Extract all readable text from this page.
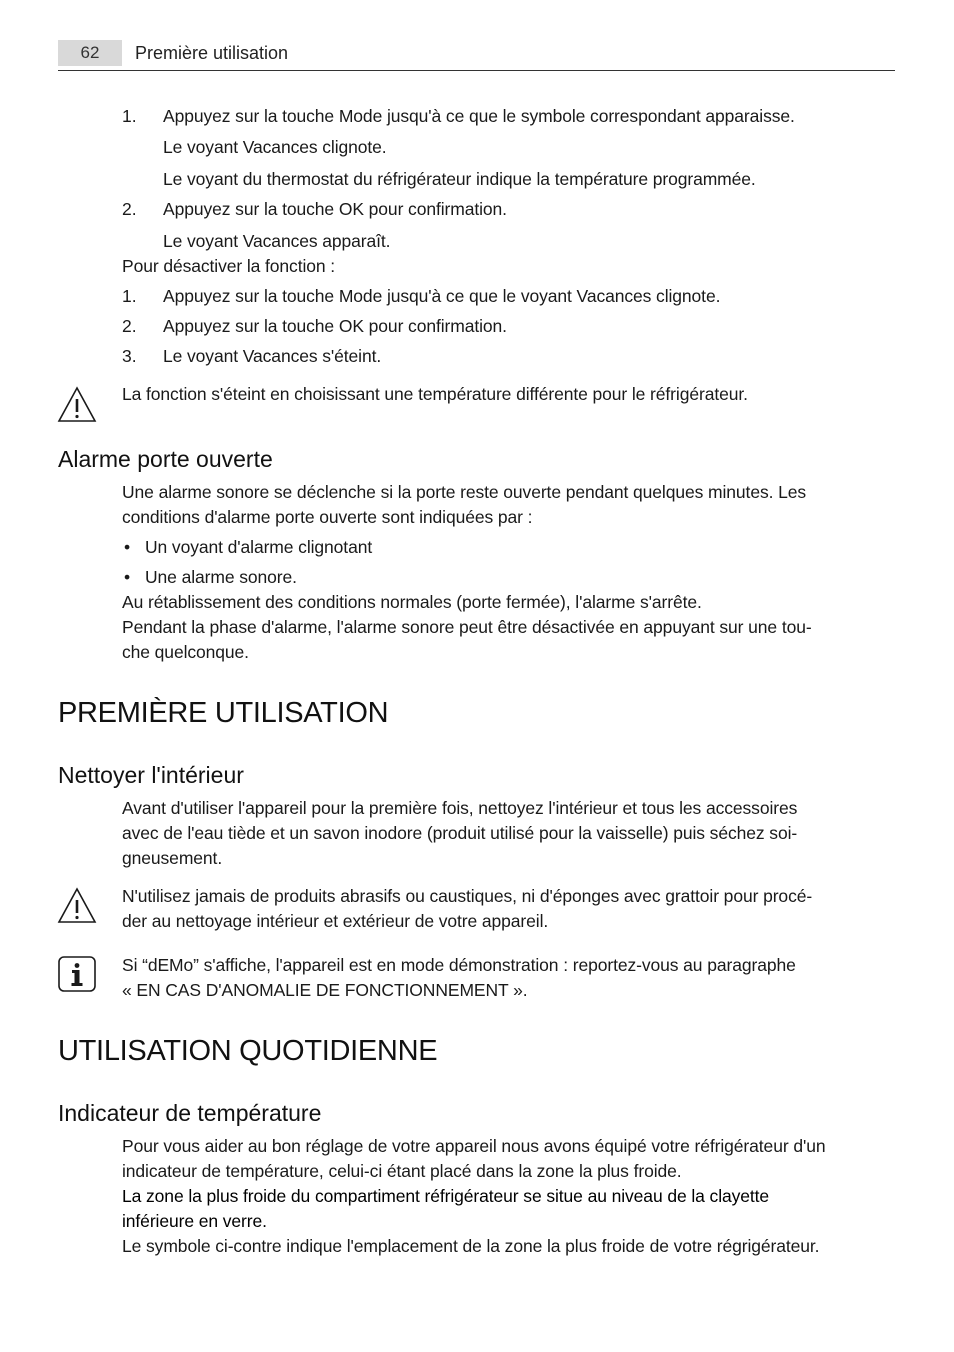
62	Première utilisation
1. Appuyez sur la touche Mode jusqu'à ce que le symbole correspondant apparaisse.
Le voyant Vacances clignote.
Le voyant du thermostat du réfrigérateur indique la température programmée.
2. Appuyez sur la touche OK pour confirmation.
Le voyant Vacances apparaît.
Pour désactiver la fonction :
1. Appuyez sur la touche Mode jusqu'à ce que le voyant Vacances clignote.
2. Appuyez sur la touche OK pour confirmation.
3. Le voyant Vacances s'éteint.
La fonction s'éteint en choisissant une température différente pour le réfrigérateur.
Alarme porte ouverte
Une alarme sonore se déclenche si la porte reste ouverte pendant quelques minutes. Les
conditions d'alarme porte ouverte sont indiquées par :
• Un voyant d'alarme clignotant
• Une alarme sonore.
Au rétablissement des conditions normales (porte fermée), l'alarme s'arrête.
Pendant la phase d'alarme, l'alarme sonore peut être désactivée en appuyant sur une tou-
che quelconque.
PREMIÈRE UTILISATION
Nettoyer l'intérieur
Avant d'utiliser l'appareil pour la première fois, nettoyez l'intérieur et tous les accessoires
avec de l'eau tiède et un savon inodore (produit utilisé pour la vaisselle) puis séchez soi-
gneusement.
N'utilisez jamais de produits abrasifs ou caustiques, ni d'éponges avec grattoir pour procé-
der au nettoyage intérieur et extérieur de votre appareil.
Si “dEMo” s'affiche, l'appareil est en mode démonstration : reportez-vous au paragraphe
« EN CAS D'ANOMALIE DE FONCTIONNEMENT ».
UTILISATION QUOTIDIENNE
Indicateur de température
Pour vous aider au bon réglage de votre appareil nous avons équipé votre réfrigérateur d'un
indicateur de température, celui-ci étant placé dans la zone la plus froide.
La zone la plus froide du compartiment réfrigérateur se situe au niveau de la clayette
inférieure en verre.
Le symbole ci-contre indique l'emplacement de la zone la plus froide de votre régrigérateur.
